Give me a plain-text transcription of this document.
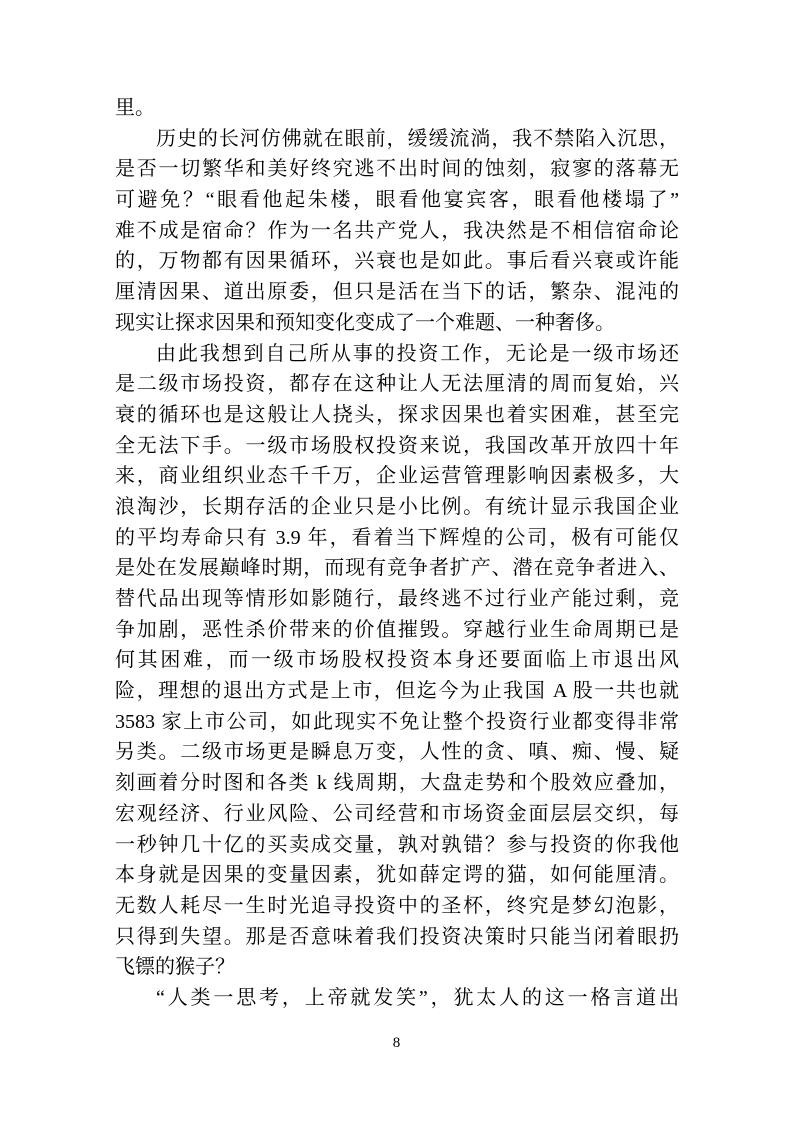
里。
历史的长河仿佛就在眼前，缓缓流淌，我不禁陷入沉思，
是否一切繁华和美好终究逃不出时间的蚀刻，寂寥的落幕无
可避免？“眼看他起朱楼，眼看他宴宾客，眼看他楼塌了”
难不成是宿命？作为一名共产党人，我决然是不相信宿命论
的，万物都有因果循环，兴衰也是如此。事后看兴衰或许能
厘清因果、道出原委，但只是活在当下的话，繁杂、混沌的
现实让探求因果和预知变化变成了一个难题、一种奢侈。
由此我想到自己所从事的投资工作，无论是一级市场还
是二级市场投资，都存在这种让人无法厘清的周而复始，兴
衰的循环也是这般让人挠头，探求因果也着实困难，甚至完
全无法下手。一级市场股权投资来说，我国改革开放四十年
来，商业组织业态千千万，企业运营管理影响因素极多，大
浪淘沙，长期存活的企业只是小比例。有统计显示我国企业
的平均寿命只有 3.9 年，看着当下辉煌的公司，极有可能仅
是处在发展巅峰时期，而现有竞争者扩产、潜在竞争者进入、
替代品出现等情形如影随行，最终逃不过行业产能过剩，竞
争加剧，恶性杀价带来的价值摧毁。穿越行业生命周期已是
何其困难，而一级市场股权投资本身还要面临上市退出风
险，理想的退出方式是上市，但迄今为止我国 A 股一共也就
3583 家上市公司，如此现实不免让整个投资行业都变得非常
另类。二级市场更是瞬息万变，人性的贪、嗔、痴、慢、疑
刻画着分时图和各类 k 线周期，大盘走势和个股效应叠加，
宏观经济、行业风险、公司经营和市场资金面层层交织，每
一秒钟几十亿的买卖成交量，孰对孰错？参与投资的你我他
本身就是因果的变量因素，犹如薛定谔的猫，如何能厘清。
无数人耗尽一生时光追寻投资中的圣杯，终究是梦幻泡影，
只得到失望。那是否意味着我们投资决策时只能当闭着眼扔
飞镖的猴子？
“人类一思考，上帝就发笑”，犹太人的这一格言道出
8
